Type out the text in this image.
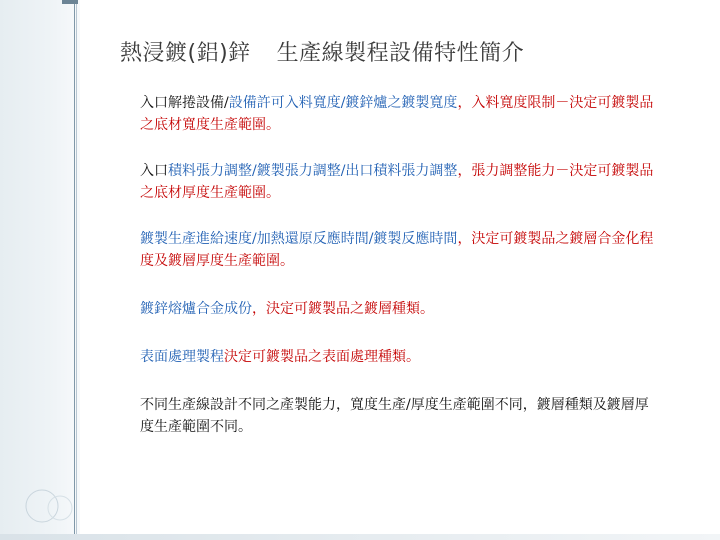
熱浸鍍(鋁)鋅 生產線製程設備特性簡介

入口解捲設備/設備許可入料寬度/鍍鋅爐之鍍製寬度，入料寬度限制－決定可鍍製品之底材寬度生產範圍。

入口積料張力調整/鍍製張力調整/出口積料張力調整，張力調整能力－決定可鍍製品之底材厚度生產範圍。

鍍製生產進給速度/加熱還原反應時間/鍍製反應時間，決定可鍍製品之鍍層合金化程度及鍍層厚度生產範圍。

鍍鋅熔爐合金成份，決定可鍍製品之鍍層種類。

表面處理製程決定可鍍製品之表面處理種類。

不同生產線設計不同之產製能力，寬度生產/厚度生產範圍不同，鍍層種類及鍍層厚度生產範圍不同。
